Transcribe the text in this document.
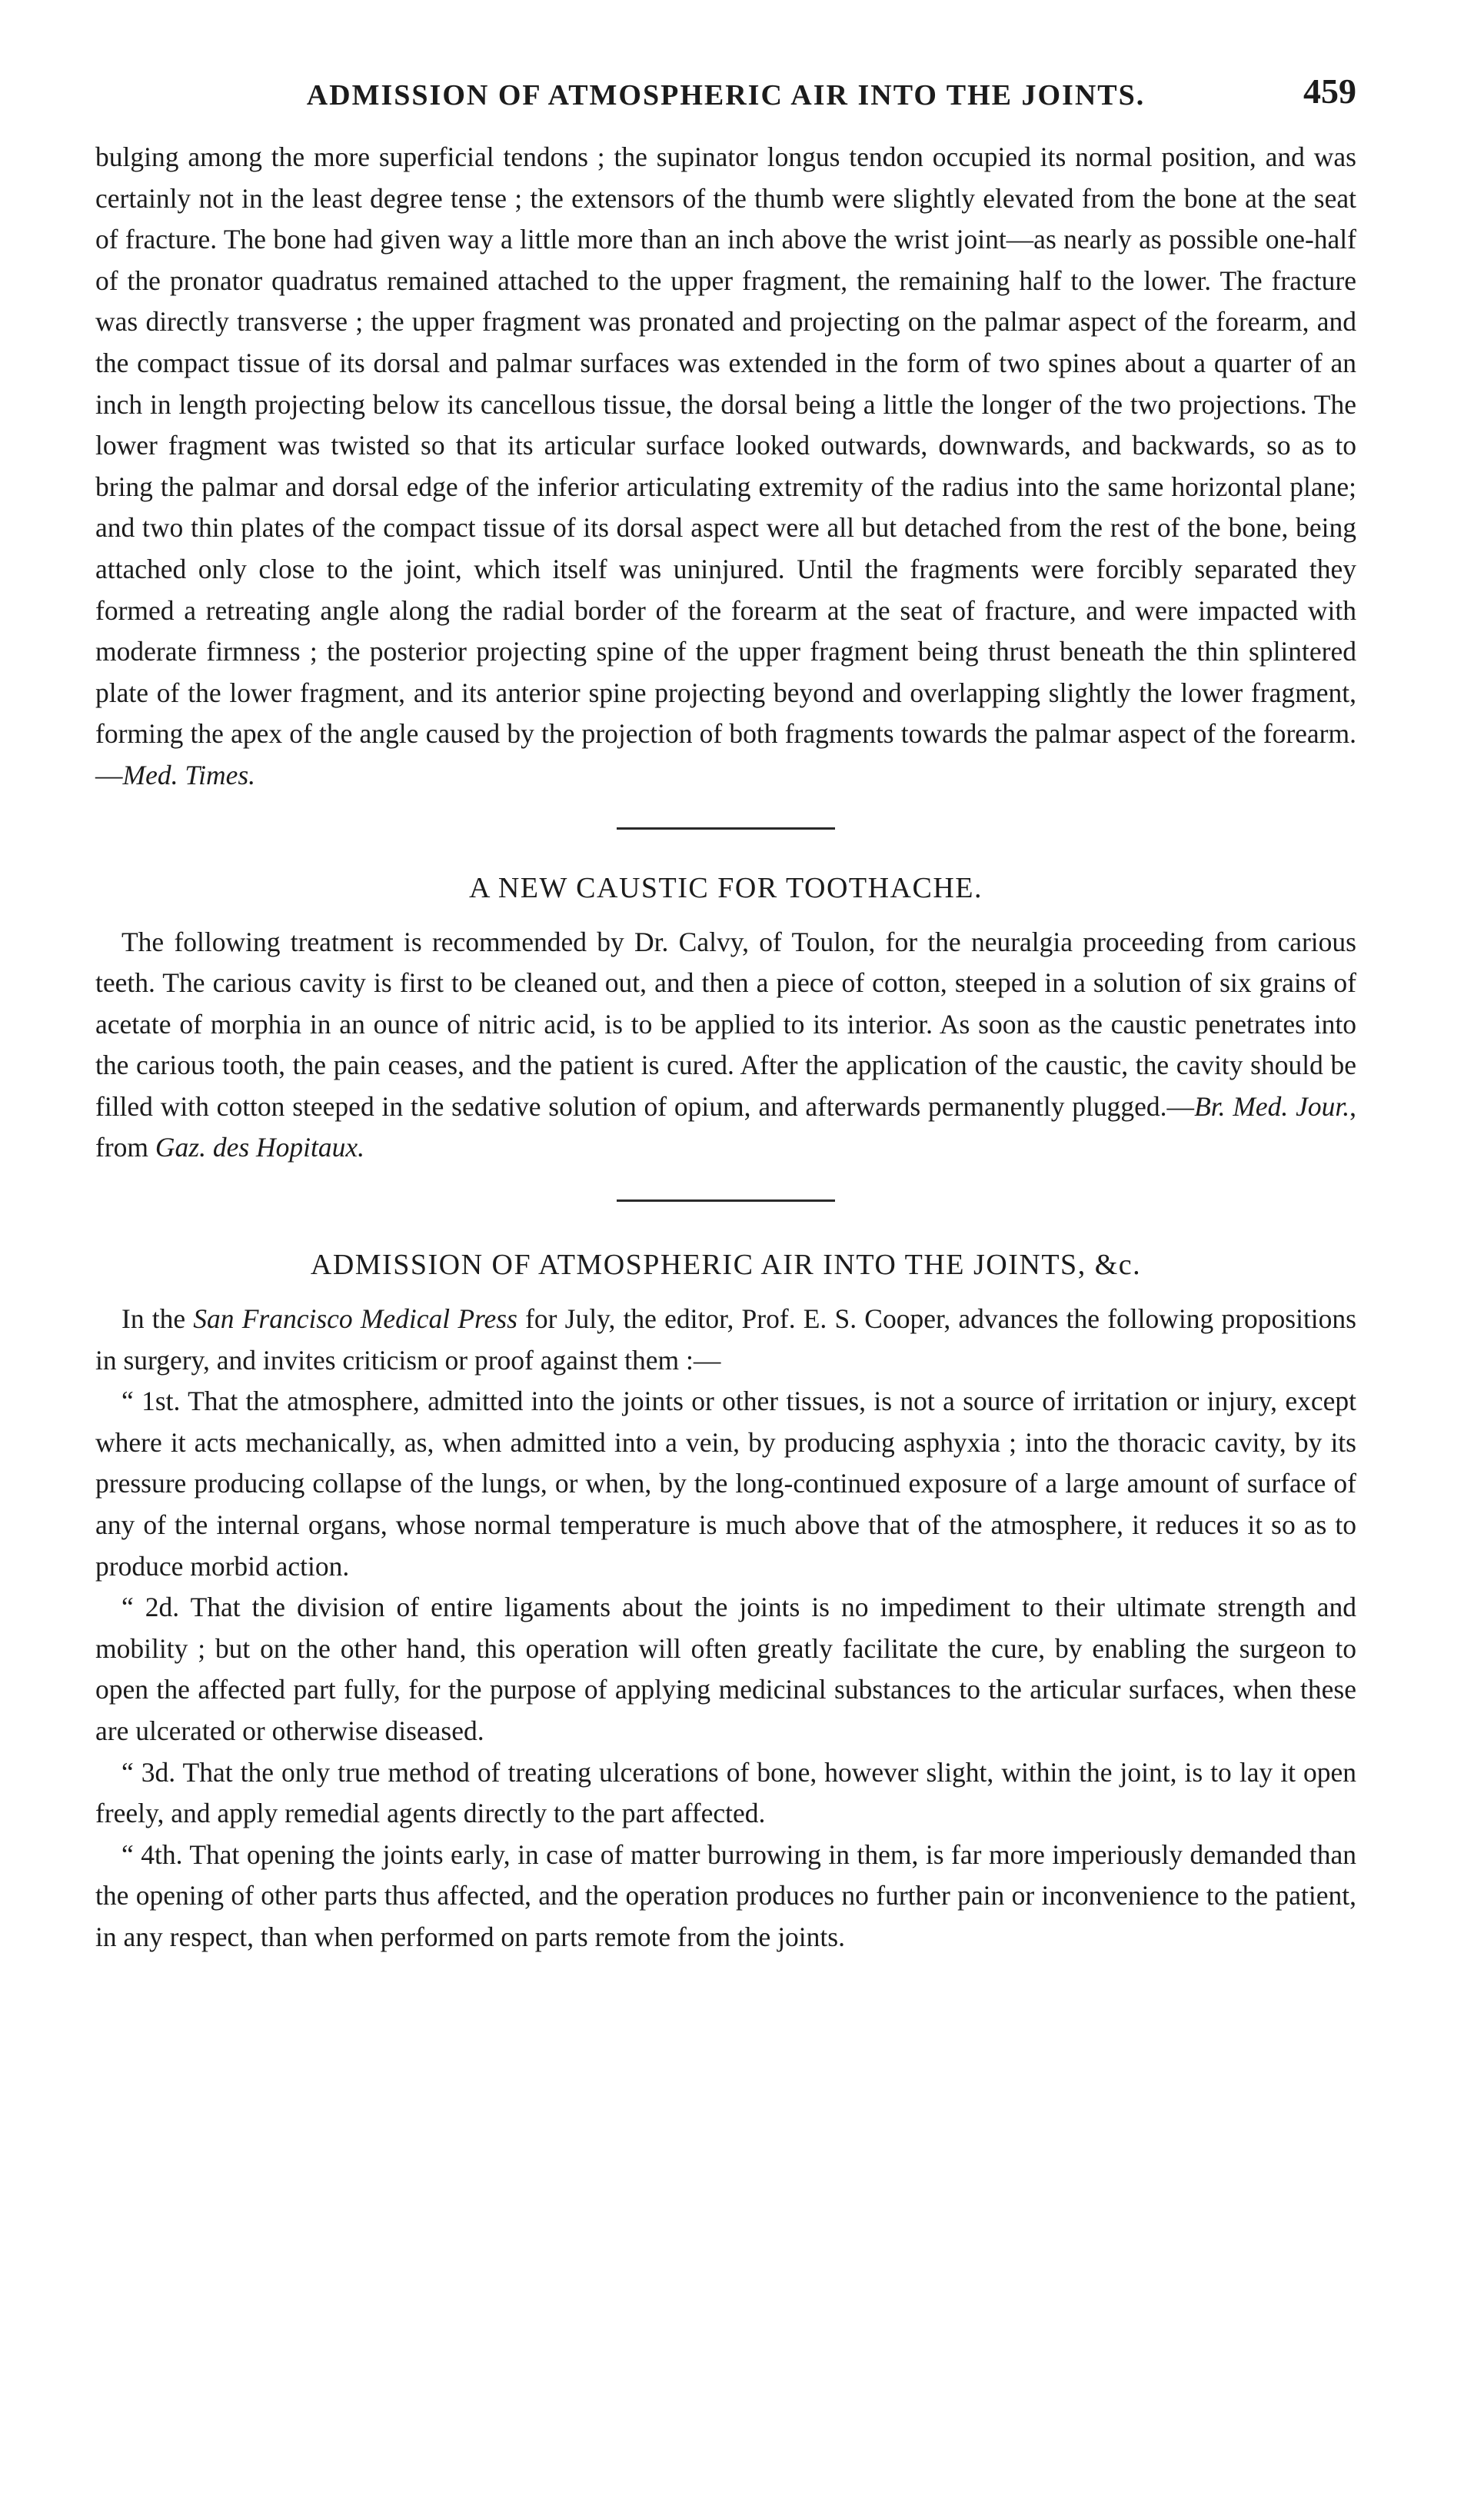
ADMISSION OF ATMOSPHERIC AIR INTO THE JOINTS.	459

bulging among the more superficial tendons ; the supinator longus tendon occupied its normal position, and was certainly not in the least degree tense ; the extensors of the thumb were slightly elevated from the bone at the seat of fracture. The bone had given way a little more than an inch above the wrist joint—as nearly as possible one-half of the pronator quadratus remained attached to the upper fragment, the remaining half to the lower. The fracture was directly transverse ; the upper fragment was pronated and projecting on the palmar aspect of the forearm, and the compact tissue of its dorsal and palmar surfaces was extended in the form of two spines about a quarter of an inch in length projecting below its cancellous tissue, the dorsal being a little the longer of the two projections. The lower fragment was twisted so that its articular surface looked outwards, downwards, and backwards, so as to bring the palmar and dorsal edge of the inferior articulating extremity of the radius into the same horizontal plane; and two thin plates of the compact tissue of its dorsal aspect were all but detached from the rest of the bone, being attached only close to the joint, which itself was uninjured. Until the fragments were forcibly separated they formed a retreating angle along the radial border of the forearm at the seat of fracture, and were impacted with moderate firmness ; the posterior projecting spine of the upper fragment being thrust beneath the thin splintered plate of the lower fragment, and its anterior spine projecting beyond and overlapping slightly the lower fragment, forming the apex of the angle caused by the projection of both fragments towards the palmar aspect of the forearm.—Med. Times.

A NEW CAUSTIC FOR TOOTHACHE.

The following treatment is recommended by Dr. Calvy, of Toulon, for the neuralgia proceeding from carious teeth. The carious cavity is first to be cleaned out, and then a piece of cotton, steeped in a solution of six grains of acetate of morphia in an ounce of nitric acid, is to be applied to its interior. As soon as the caustic penetrates into the carious tooth, the pain ceases, and the patient is cured. After the application of the caustic, the cavity should be filled with cotton steeped in the sedative solution of opium, and afterwards permanently plugged.—Br. Med. Jour., from Gaz. des Hopitaux.

ADMISSION OF ATMOSPHERIC AIR INTO THE JOINTS, &c.

In the San Francisco Medical Press for July, the editor, Prof. E. S. Cooper, advances the following propositions in surgery, and invites criticism or proof against them :—

“ 1st. That the atmosphere, admitted into the joints or other tissues, is not a source of irritation or injury, except where it acts mechanically, as, when admitted into a vein, by producing asphyxia ; into the thoracic cavity, by its pressure producing collapse of the lungs, or when, by the long-continued exposure of a large amount of surface of any of the internal organs, whose normal temperature is much above that of the atmosphere, it reduces it so as to produce morbid action.

“ 2d. That the division of entire ligaments about the joints is no impediment to their ultimate strength and mobility ; but on the other hand, this operation will often greatly facilitate the cure, by enabling the surgeon to open the affected part fully, for the purpose of applying medicinal substances to the articular surfaces, when these are ulcerated or otherwise diseased.

“ 3d. That the only true method of treating ulcerations of bone, however slight, within the joint, is to lay it open freely, and apply remedial agents directly to the part affected.

“ 4th. That opening the joints early, in case of matter burrowing in them, is far more imperiously demanded than the opening of other parts thus affected, and the operation produces no further pain or inconvenience to the patient, in any respect, than when performed on parts remote from the joints.
